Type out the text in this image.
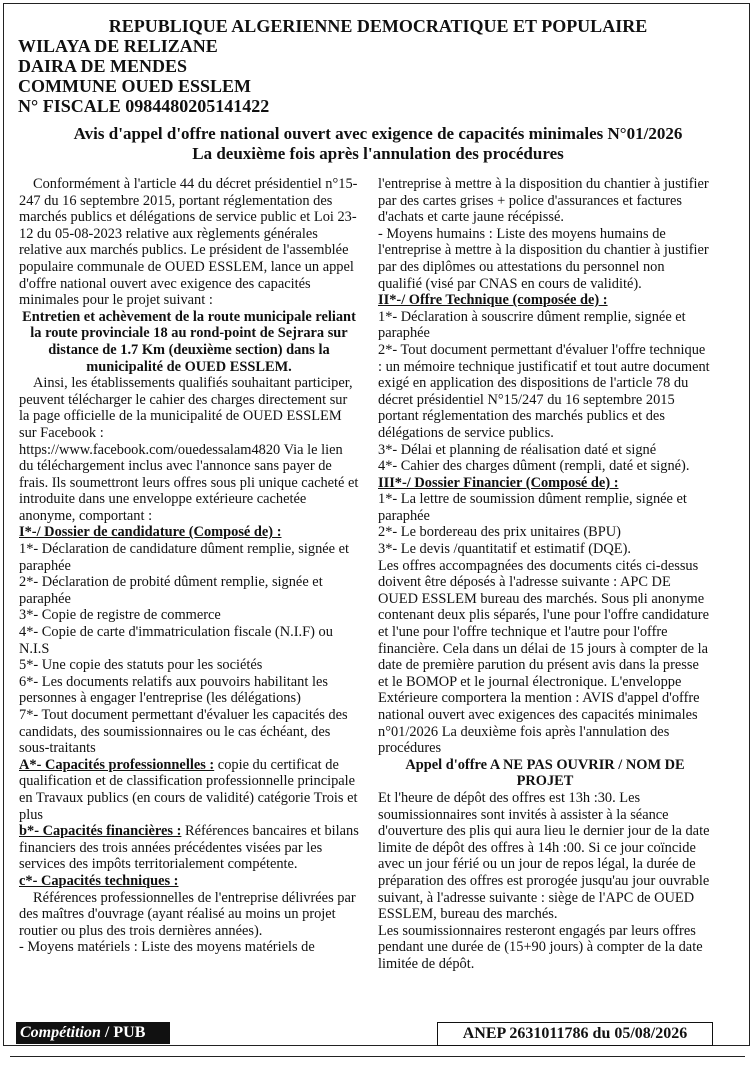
REPUBLIQUE ALGERIENNE DEMOCRATIQUE ET POPULAIRE
WILAYA DE RELIZANE
DAIRA DE MENDES
COMMUNE OUED ESSLEM
N° FISCALE 0984480205141422
Avis d'appel d'offre national ouvert avec exigence de capacités minimales N°01/2026
La deuxième fois après l'annulation des procédures

Conformément à l'article 44 du décret présidentiel n°15-247 du 16 septembre 2015, portant réglementation des marchés publics et délégations de service public et Loi 23-12 du 05-08-2023 relative aux règlements générales relative aux marchés publics. Le président de l'assemblée populaire communale de OUED ESSLEM, lance un appel d'offre national ouvert avec exigence des capacités minimales pour le projet suivant :

Entretien et achèvement de la route municipale reliant la route provinciale 18 au rond-point de Sejrara sur distance de 1.7 Km (deuxième section) dans la municipalité de OUED ESSLEM.

Ainsi, les établissements qualifiés souhaitant participer, peuvent télécharger le cahier des charges directement sur la page officielle de la municipalité de OUED ESSLEM sur Facebook : https://www.facebook.com/ouedessalam4820 Via le lien du téléchargement inclus avec l'annonce sans payer de frais. Ils soumettront leurs offres sous pli unique cacheté et introduite dans une enveloppe extérieure cachetée anonyme, comportant :

I*-/ Dossier de candidature (Composé de) :

1*- Déclaration de candidature dûment remplie, signée et paraphée

2*- Déclaration de probité dûment remplie, signée et paraphée

3*- Copie de registre de commerce

4*- Copie de carte d'immatriculation fiscale (N.I.F) ou N.I.S

5*- Une copie des statuts pour les sociétés

6*- Les documents relatifs aux pouvoirs habilitant les personnes à engager l'entreprise (les délégations)

7*- Tout document permettant d'évaluer les capacités des candidats, des soumissionnaires ou le cas échéant, des sous-traitants

A*- Capacités professionnelles : copie du certificat de qualification et de classification professionnelle principale en Travaux publics (en cours de validité) catégorie Trois et plus

b*- Capacités financières : Références bancaires et bilans financiers des trois années précédentes visées par les services des impôts territorialement compétente.

c*- Capacités techniques :

Références professionnelles de l'entreprise délivrées par des maîtres d'ouvrage (ayant réalisé au moins un projet routier ou plus des trois dernières années).

- Moyens matériels : Liste des moyens matériels de

l'entreprise à mettre à la disposition du chantier à justifier par des cartes grises + police d'assurances et factures d'achats et carte jaune récépissé.

- Moyens humains : Liste des moyens humains de l'entreprise à mettre à la disposition du chantier à justifier par des diplômes ou attestations du personnel non qualifié (visé par CNAS en cours de validité).

II*-/ Offre Technique (composée de) :

1*- Déclaration à souscrire dûment remplie, signée et paraphée

2*- Tout document permettant d'évaluer l'offre technique : un mémoire technique justificatif et tout autre document exigé en application des dispositions de l'article 78 du décret présidentiel N°15/247 du 16 septembre 2015 portant réglementation des marchés publics et des délégations de service publics.

3*- Délai et planning de réalisation daté et signé

4*- Cahier des charges dûment (rempli, daté et signé).

III*-/ Dossier Financier (Composé de) :

1*- La lettre de soumission dûment remplie, signée et paraphée

2*- Le bordereau des prix unitaires (BPU)

3*- Le devis /quantitatif et estimatif (DQE).

Les offres accompagnées des documents cités ci-dessus doivent être déposés à l'adresse suivante : APC DE OUED ESSLEM bureau des marchés. Sous pli anonyme contenant deux plis séparés, l'une pour l'offre candidature et l'une pour l'offre technique et l'autre pour l'offre financière. Cela dans un délai de 15 jours à compter de la date de première parution du présent avis dans la presse et le BOMOP et le journal électronique. L'enveloppe Extérieure comportera la mention : AVIS d'appel d'offre national ouvert avec exigences des capacités minimales n°01/2026 La deuxième fois après l'annulation des procédures

Appel d'offre A NE PAS OUVRIR / NOM DE PROJET

Et l'heure de dépôt des offres est 13h :30. Les soumissionnaires sont invités à assister à la séance d'ouverture des plis qui aura lieu le dernier jour de la date limite de dépôt des offres à 14h :00. Si ce jour coïncide avec un jour férié ou un jour de repos légal, la durée de préparation des offres est prorogée jusqu'au jour ouvrable suivant, à l'adresse suivante : siège de l'APC de OUED ESSLEM, bureau des marchés.

Les soumissionnaires resteront engagés par leurs offres pendant une durée de (15+90 jours) à compter de la date limitée de dépôt.

Compétition / PUB	ANEP 2631011786 du 05/08/2026
